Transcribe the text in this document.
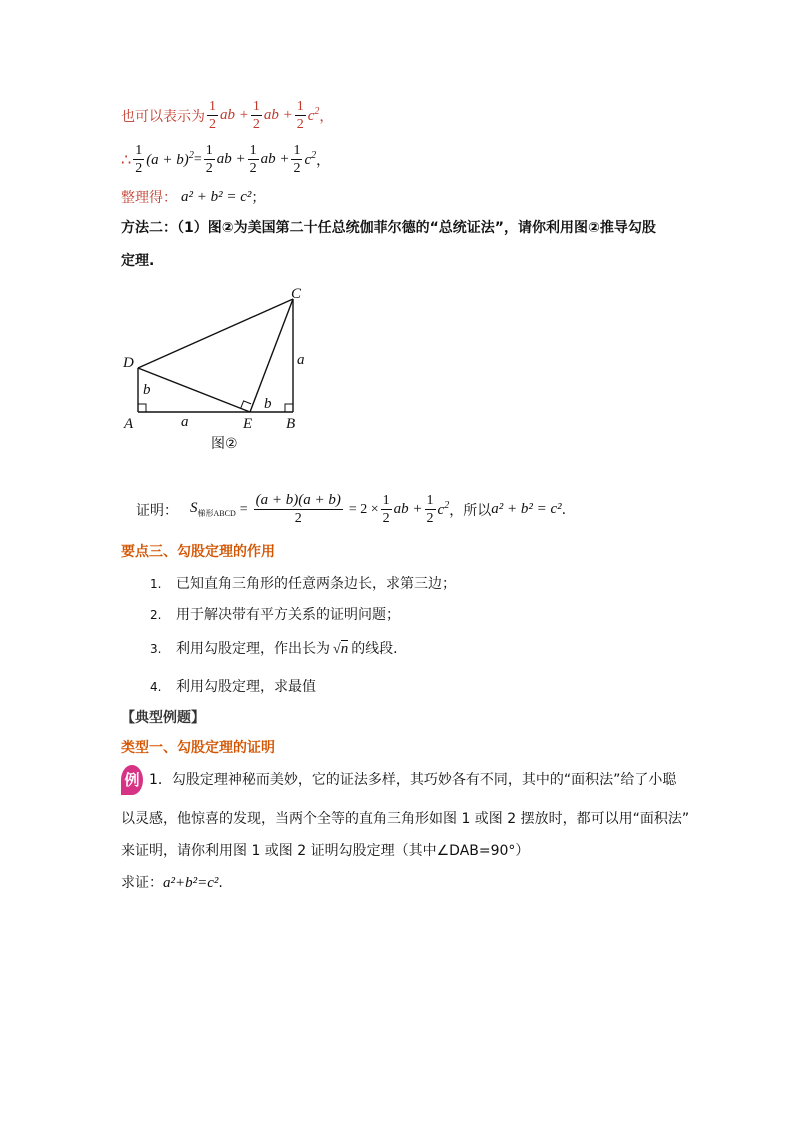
也可以表示为 $\frac{1}{2}$ ab + $\frac{1}{2}$ ab + $\frac{1}{2} c^2$ ，
∴ $\frac{1}{2} (a + b)^2 = \frac{1}{2}$ ab + $\frac{1}{2}$ ab + $\frac{1}{2} c^2$ ，
整理得： a² + b² = c² ；
方法二：（1）图②为美国第二十任总统伽菲尔德的“总统证法”，请你利用图②推导勾股
定理.
C
D
A	E B
a
a
b
b
图②
证明： $S_{梯形ABCD} = \frac{(a + b)(a + b)}{2} = 2 \times \frac{1}{2}$ ab + $\frac{1}{2} c^2$ ，所以 a² + b² = c² .
要点三、勾股定理的作用
1. 已知直角三角形的任意两条边长，求第三边；
2. 用于解决带有平方关系的证明问题；
3. 利用勾股定理，作出长为 √n 的线段.
4. 利用勾股定理，求最值
【典型例题】
类型一、勾股定理的证明
例 1．勾股定理神秘而美妙，它的证法多样，其巧妙各有不同，其中的“面积法”给了小聪
以灵感，他惊喜的发现，当两个全等的直角三角形如图 1 或图 2 摆放时，都可以用“面积法”
来证明，请你利用图 1 或图 2 证明勾股定理（其中∠DAB=90°）
求证：a²+b²=c².
